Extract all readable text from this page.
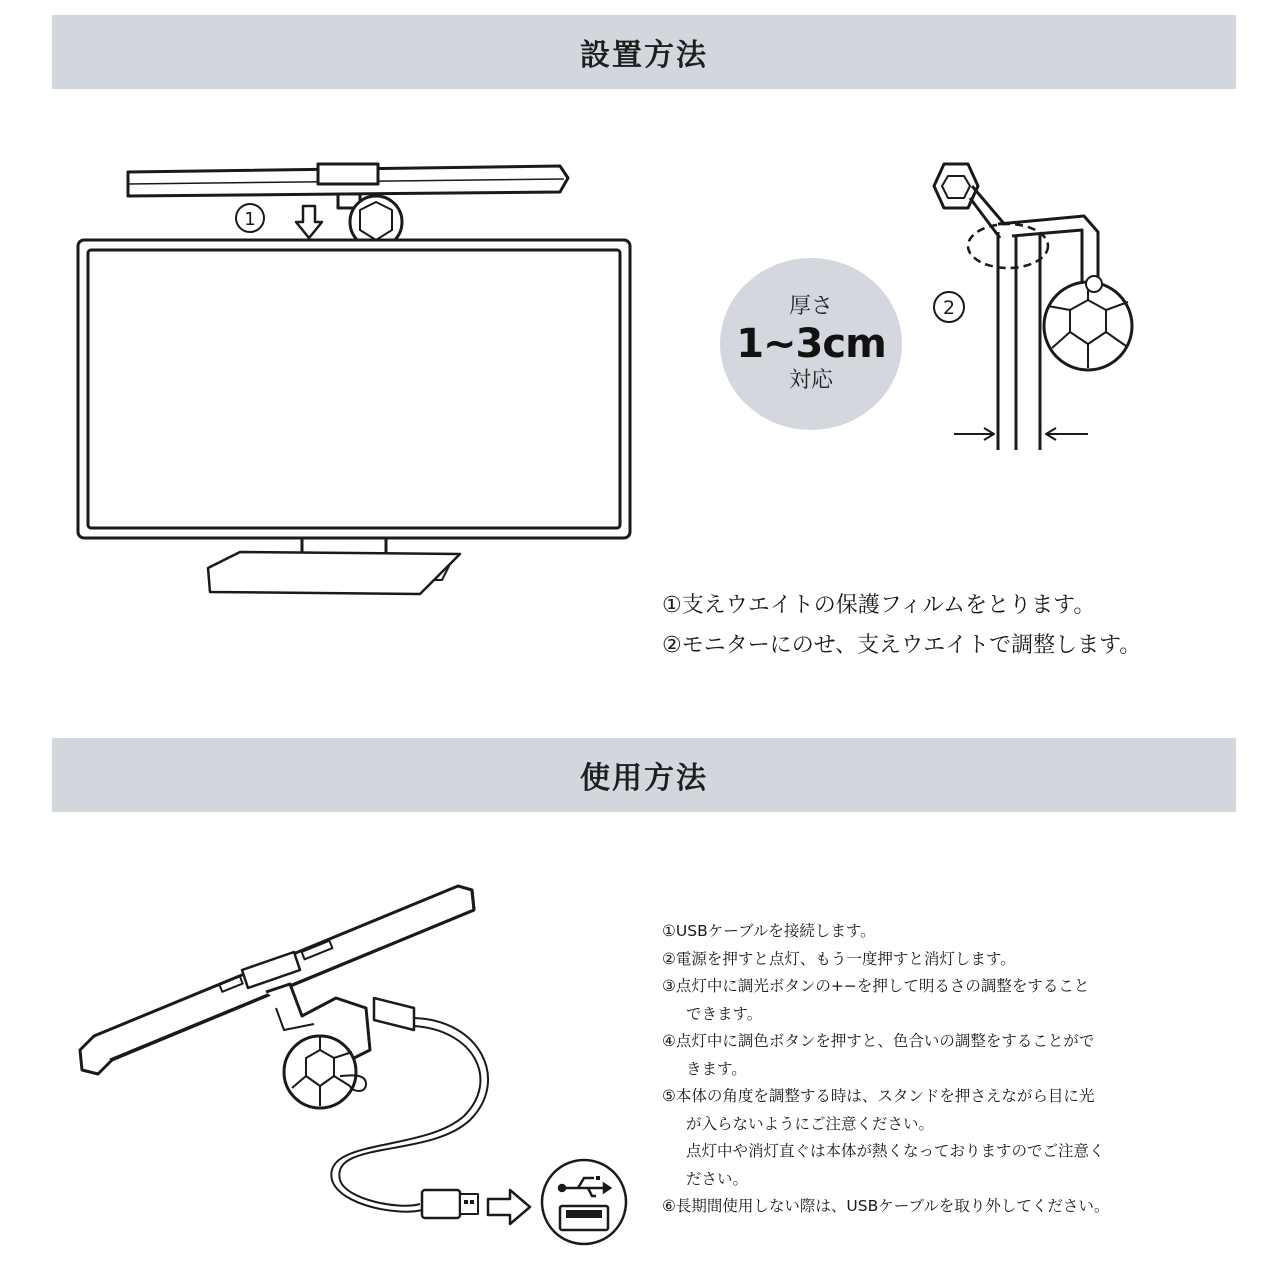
設置方法
1
厚さ
1~3cm
対応
2

①支えウエイトの保護フィルムをとります。

②モニターにのせ、支えウエイトで調整します。

使用方法

①USBケーブルを接続します。

②電源を押すと点灯、もう一度押すと消灯します。

③点灯中に調光ボタンの+−を押して明るさの調整をすること

できます。

④点灯中に調色ボタンを押すと、色合いの調整をすることがで

きます。

⑤本体の角度を調整する時は、スタンドを押さえながら目に光

が入らないようにご注意ください。

点灯中や消灯直ぐは本体が熱くなっておりますのでご注意く

ださい。

⑥長期間使用しない際は、USBケーブルを取り外してください。
